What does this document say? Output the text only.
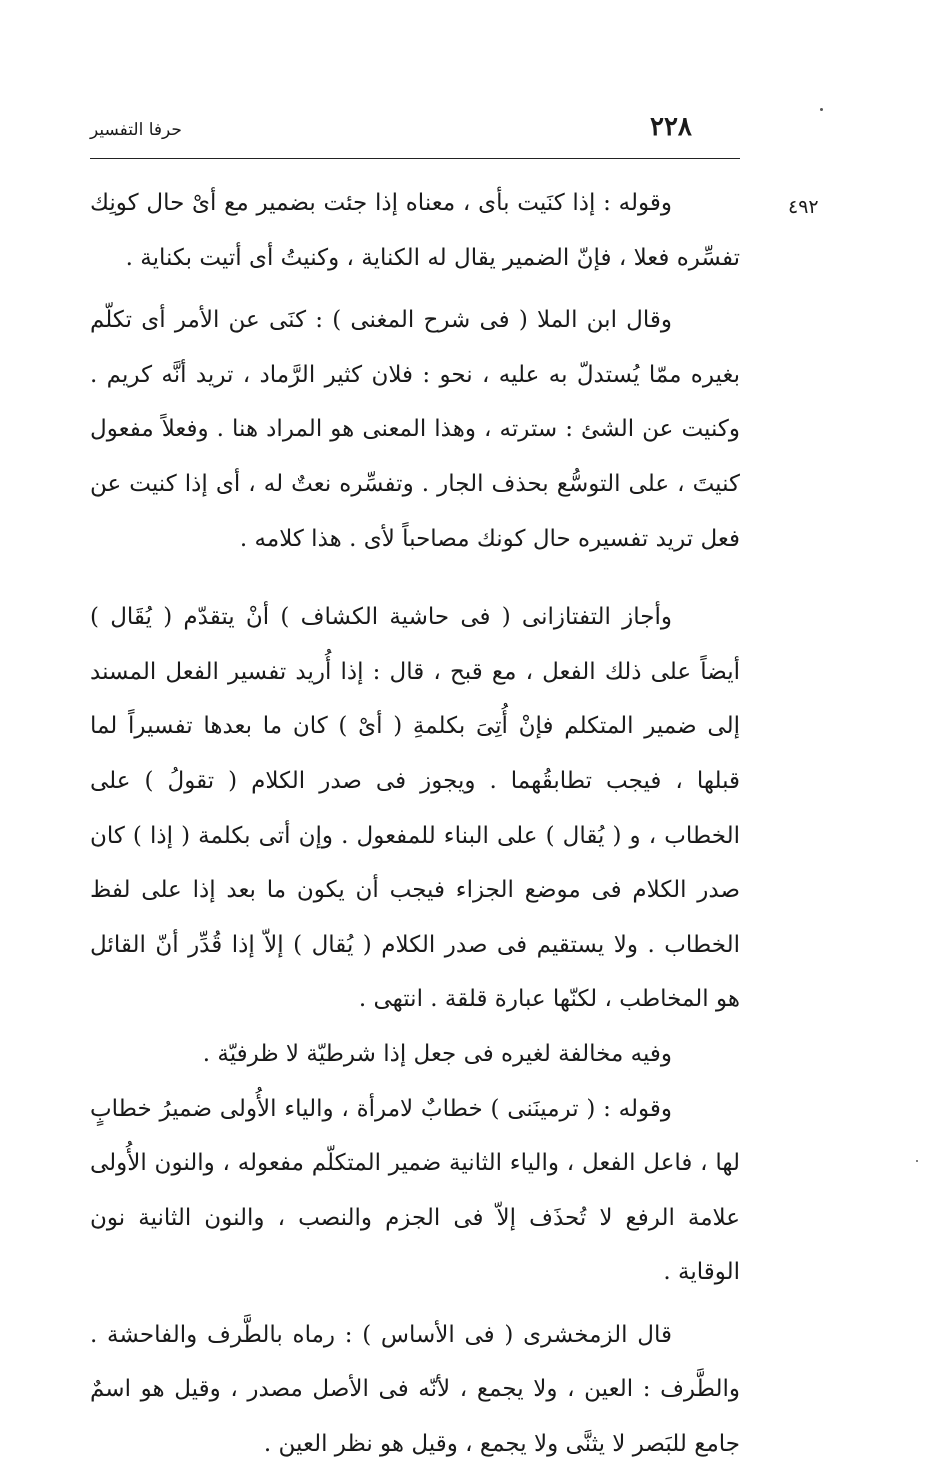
حرفا التفسير	٢٢٨
٤٩٢

وقوله : إذا كنَيت بأى ، معناه إذا جئت بضمير مع أىْ حال كونِك تفسِّره فعلا ، فإنّ الضمير يقال له الكناية ، وكنيتُ أى أتيت بكناية .

وقال ابن الملا ( فى شرح المغنى ) : كنَى عن الأمر أى تكلّم بغيره ممّا يُستدلّ به عليه ، نحو : فلان كثير الرَّماد ، تريد أنَّه كريم . وكنيت عن الشئ : سترته ، وهذا المعنى هو المراد هنا . وفعلاً مفعول كنيتَ ، على التوسُّع بحذف الجار . وتفسِّره نعتٌ له ، أى إذا كنيت عن فعل تريد تفسيره حال كونك مصاحباً لأى . هذا كلامه .

وأجاز التفتازانى ( فى حاشية الكشاف ) أنْ يتقدّم ( يُقَال ) أيضاً على ذلك الفعل ، مع قبح ، قال : إذا أُريد تفسير الفعل المسند إلى ضمير المتكلم فإنْ أُتِىَ بكلمةِ ( أىْ ) كان ما بعدها تفسيراً لما قبلها ، فيجب تطابقُهما . ويجوز فى صدر الكلام ( تقولُ ) على الخطاب ، و ( يُقال ) على البناء للمفعول . وإن أتى بكلمة ( إذا ) كان صدر الكلام فى موضع الجزاء فيجب أن يكون ما بعد إذا على لفظ الخطاب . ولا يستقيم فى صدر الكلام ( يُقال ) إلاّ إذا قُدِّر أنّ القائل هو المخاطب ، لكنّها عبارة قلقة . انتهى .

وفيه مخالفة لغيره فى جعل إذا شرطيّة لا ظرفيّة .

وقوله : ( ترمينَنى ) خطابٌ لامرأة ، والياء الأُولى ضميرُ خطابٍ لها ، فاعل الفعل ، والياء الثانية ضمير المتكلّم مفعوله ، والنون الأُولى علامة الرفع لا تُحذَف إلاّ فى الجزم والنصب ، والنون الثانية نون الوقاية .

قال الزمخشرى ( فى الأساس ) : رماه بالطَّرف والفاحشة . والطَّرف : العين ، ولا يجمع ، لأنّه فى الأصل مصدر ، وقيل هو اسمٌ جامع للبَصر لا يثنَّى ولا يجمع ، وقيل هو نظر العين .
